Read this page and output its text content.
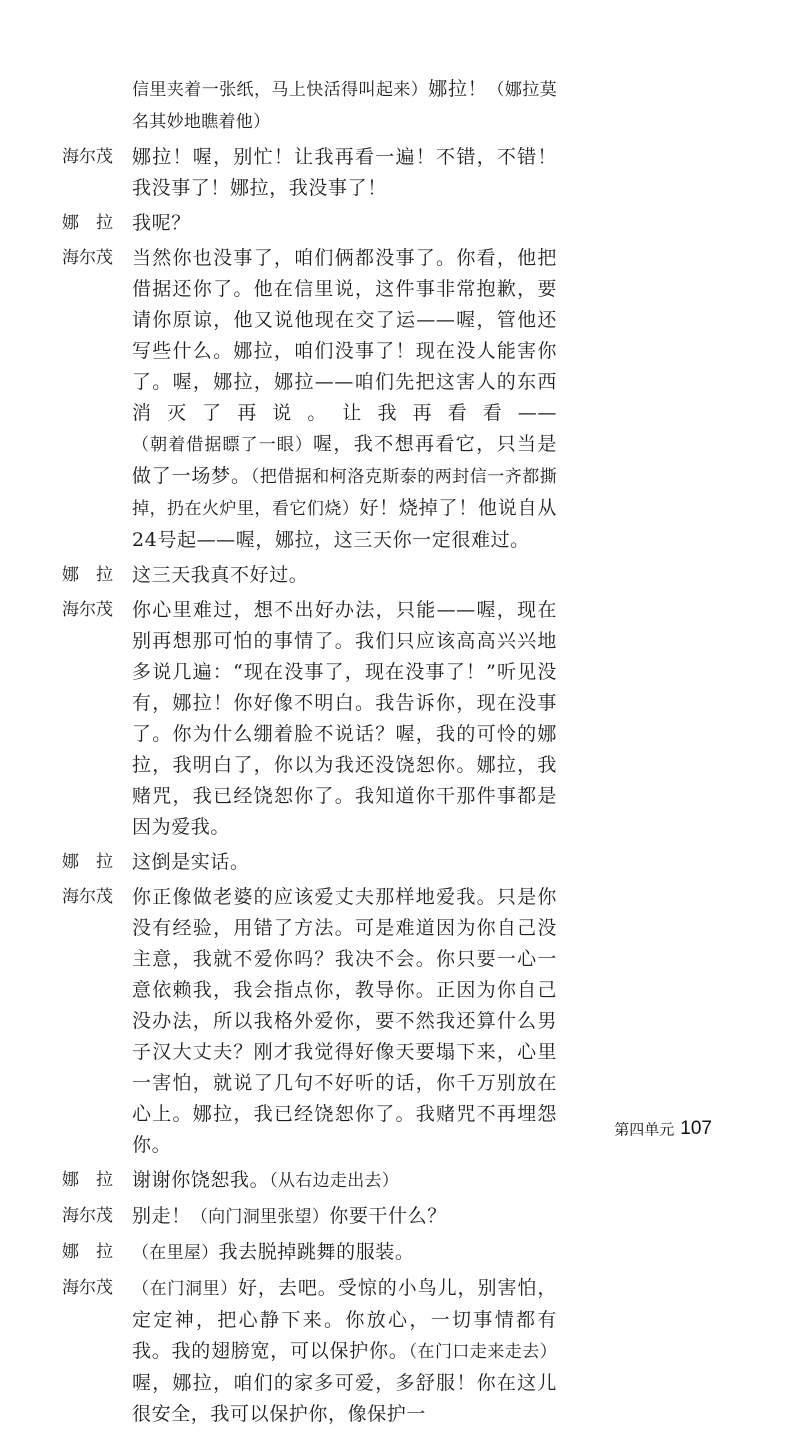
信里夹着一张纸，马上快活得叫起来）娜拉！（娜拉莫名其妙地瞧着他）
海尔茂	娜拉！喔，别忙！让我再看一遍！不错，不错！我没事了！娜拉，我没事了！
娜　拉	我呢？
海尔茂	当然你也没事了，咱们俩都没事了。你看，他把借据还你了。他在信里说，这件事非常抱歉，要请你原谅，他又说他现在交了运——喔，管他还写些什么。娜拉，咱们没事了！现在没人能害你了。喔，娜拉，娜拉——咱们先把这害人的东西消灭了再说。让我再看看——（朝着借据瞟了一眼）喔，我不想再看它，只当是做了一场梦。（把借据和柯洛克斯泰的两封信一齐都撕掉，扔在火炉里，看它们烧）好！烧掉了！他说自从24号起——喔，娜拉，这三天你一定很难过。
娜　拉	这三天我真不好过。
海尔茂	你心里难过，想不出好办法，只能——喔，现在别再想那可怕的事情了。我们只应该高高兴兴地多说几遍：“现在没事了，现在没事了！”听见没有，娜拉！你好像不明白。我告诉你，现在没事了。你为什么绷着脸不说话？喔，我的可怜的娜拉，我明白了，你以为我还没饶恕你。娜拉，我赌咒，我已经饶恕你了。我知道你干那件事都是因为爱我。
娜　拉	这倒是实话。
海尔茂	你正像做老婆的应该爱丈夫那样地爱我。只是你没有经验，用错了方法。可是难道因为你自己没主意，我就不爱你吗？我决不会。你只要一心一意依赖我，我会指点你，教导你。正因为你自己没办法，所以我格外爱你，要不然我还算什么男子汉大丈夫？刚才我觉得好像天要塌下来，心里一害怕，就说了几句不好听的话，你千万别放在心上。娜拉，我已经饶恕你了。我赌咒不再埋怨你。
娜　拉	谢谢你饶恕我。（从右边走出去）
海尔茂	别走！（向门洞里张望）你要干什么？
娜　拉	（在里屋）我去脱掉跳舞的服装。
海尔茂	（在门洞里）好，去吧。受惊的小鸟儿，别害怕，定定神，把心静下来。你放心，一切事情都有我。我的翅膀宽，可以保护你。（在门口走来走去）喔，娜拉，咱们的家多可爱，多舒服！你在这儿很安全，我可以保护你，像保护一
第四单元 107
